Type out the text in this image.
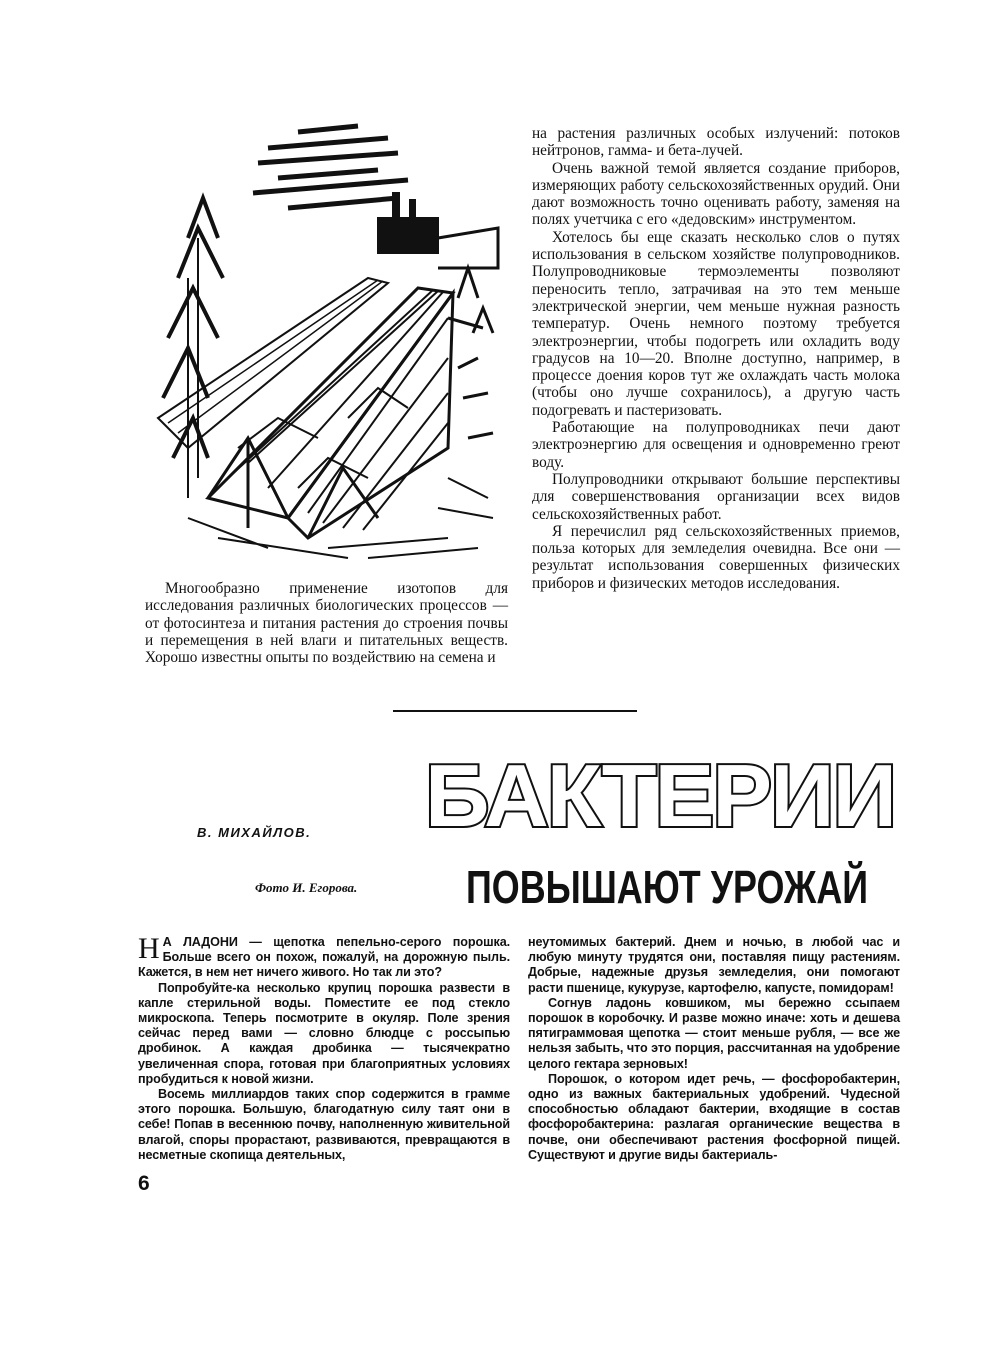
Многообразно применение изотопов для исследования различных биологических процессов — от фотосинтеза и питания растения до строения почвы и перемещения в ней влаги и питательных веществ. Хорошо известны опыты по воздействию на семена и

на растения различных особых излучений: потоков нейтронов, гамма- и бета-лучей.

Очень важной темой является создание приборов, измеряющих работу сельскохозяйственных орудий. Они дают возможность точно оценивать работу, заменяя на полях учетчика с его «дедовским» инструментом.

Хотелось бы еще сказать несколько слов о путях использования в сельском хозяйстве полупроводников. Полупроводниковые термоэлементы позволяют переносить тепло, затрачивая на это тем меньше электрической энергии, чем меньше нужная разность температур. Очень немного поэтому требуется электроэнергии, чтобы подогреть или охладить воду градусов на 10—20. Вполне доступно, например, в процессе доения коров тут же охлаждать часть молока (чтобы оно лучше сохранилось), а другую часть подогревать и пастеризовать.

Работающие на полупроводниках печи дают электроэнергию для освещения и одновременно греют воду.

Полупроводники открывают большие перспективы для совершенствования организации всех видов сельскохозяйственных работ.

Я перечислил ряд сельскохозяйственных приемов, польза которых для земледелия очевидна. Все они — результат использования совершенных физических приборов и физических методов исследования.

В. МИХАЙЛОВ.
Фото И. Егорова.
БАКТЕРИИ
ПОВЫШАЮТ УРОЖАЙ

Н А ЛАДОНИ — щепотка пепельно-серого порошка. Больше всего он похож, пожалуй, на дорожную пыль. Кажется, в нем нет ничего живого. Но так ли это?

Попробуйте-ка несколько крупиц порошка развести в капле стерильной воды. Поместите ее под стекло микроскопа. Теперь посмотрите в окуляр. Поле зрения сейчас перед вами — словно блюдце с россыпью дробинок. А каждая дробинка — тысячекратно увеличенная спора, готовая при благоприятных условиях пробудиться к новой жизни.

Восемь миллиардов таких спор содержится в грамме этого порошка. Большую, благодатную силу таят они в себе! Попав в весеннюю почву, наполненную живительной влагой, споры прорастают, развиваются, превращаются в несметные скопища деятельных,

неутомимых бактерий. Днем и ночью, в любой час и любую минуту трудятся они, поставляя пищу растениям. Добрые, надежные друзья земледелия, они помогают расти пшенице, кукурузе, картофелю, капусте, помидорам!

Согнув ладонь ковшиком, мы бережно ссыпаем порошок в коробочку. И разве можно иначе: хоть и дешева пятиграммовая щепотка — стоит меньше рубля, — все же нельзя забыть, что это порция, рассчитанная на удобрение целого гектара зерновых!

Порошок, о котором идет речь, — фосфоробактерин, одно из важных бактериальных удобрений. Чудесной способностью обладают бактерии, входящие в состав фосфоробактерина: разлагая органические вещества в почве, они обеспечивают растения фосфорной пищей. Существуют и другие виды бактериаль-

6
